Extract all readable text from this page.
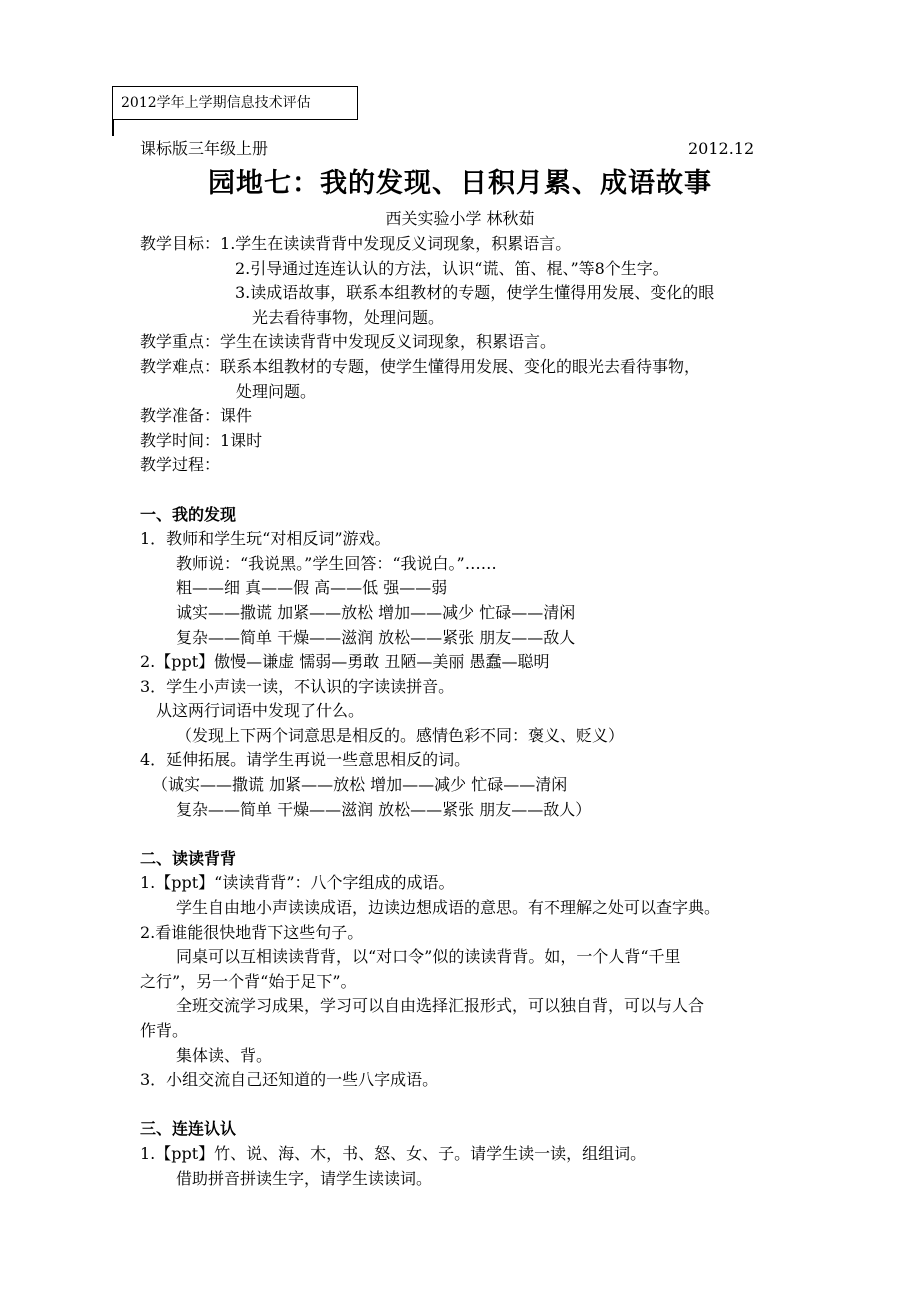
2012学年上学期信息技术评估
课标版三年级上册	2012.12
园地七：我的发现、日积月累、成语故事
西关实验小学 林秋茹
教学目标：1.学生在读读背背中发现反义词现象，积累语言。
2.引导通过连连认认的方法，认识“谎、笛、棍、”等8个生字。
3.读成语故事，联系本组教材的专题，使学生懂得用发展、变化的眼
光去看待事物，处理问题。
教学重点：学生在读读背背中发现反义词现象，积累语言。
教学难点：联系本组教材的专题，使学生懂得用发展、变化的眼光去看待事物，
处理问题。
教学准备：课件
教学时间：1课时
教学过程：
一、我的发现
1．教师和学生玩“对相反词”游戏。
教师说：“我说黑。”学生回答：“我说白。”……
粗——细 真——假 高——低 强——弱
诚实——撒谎 加紧——放松 增加——减少 忙碌——清闲
复杂——简单 干燥——滋润 放松——紧张 朋友——敌人
2.【ppt】傲慢—谦虚 懦弱—勇敢 丑陋—美丽 愚蠢—聪明
3．学生小声读一读，不认识的字读读拼音。
从这两行词语中发现了什么。
（发现上下两个词意思是相反的。感情色彩不同：褒义、贬义）
4．延伸拓展。请学生再说一些意思相反的词。
（诚实——撒谎 加紧——放松 增加——减少 忙碌——清闲
复杂——简单 干燥——滋润 放松——紧张 朋友——敌人）
二、读读背背
1.【ppt】“读读背背”：八个字组成的成语。
学生自由地小声读读成语，边读边想成语的意思。有不理解之处可以查字典。
2.看谁能很快地背下这些句子。
同桌可以互相读读背背，以“对口令”似的读读背背。如，一个人背“千里
之行”，另一个背“始于足下”。
全班交流学习成果，学习可以自由选择汇报形式，可以独自背，可以与人合
作背。
集体读、背。
3．小组交流自己还知道的一些八字成语。
三、连连认认
1.【ppt】竹、说、海、木，书、怒、女、子。请学生读一读，组组词。
借助拼音拼读生字，请学生读读词。
